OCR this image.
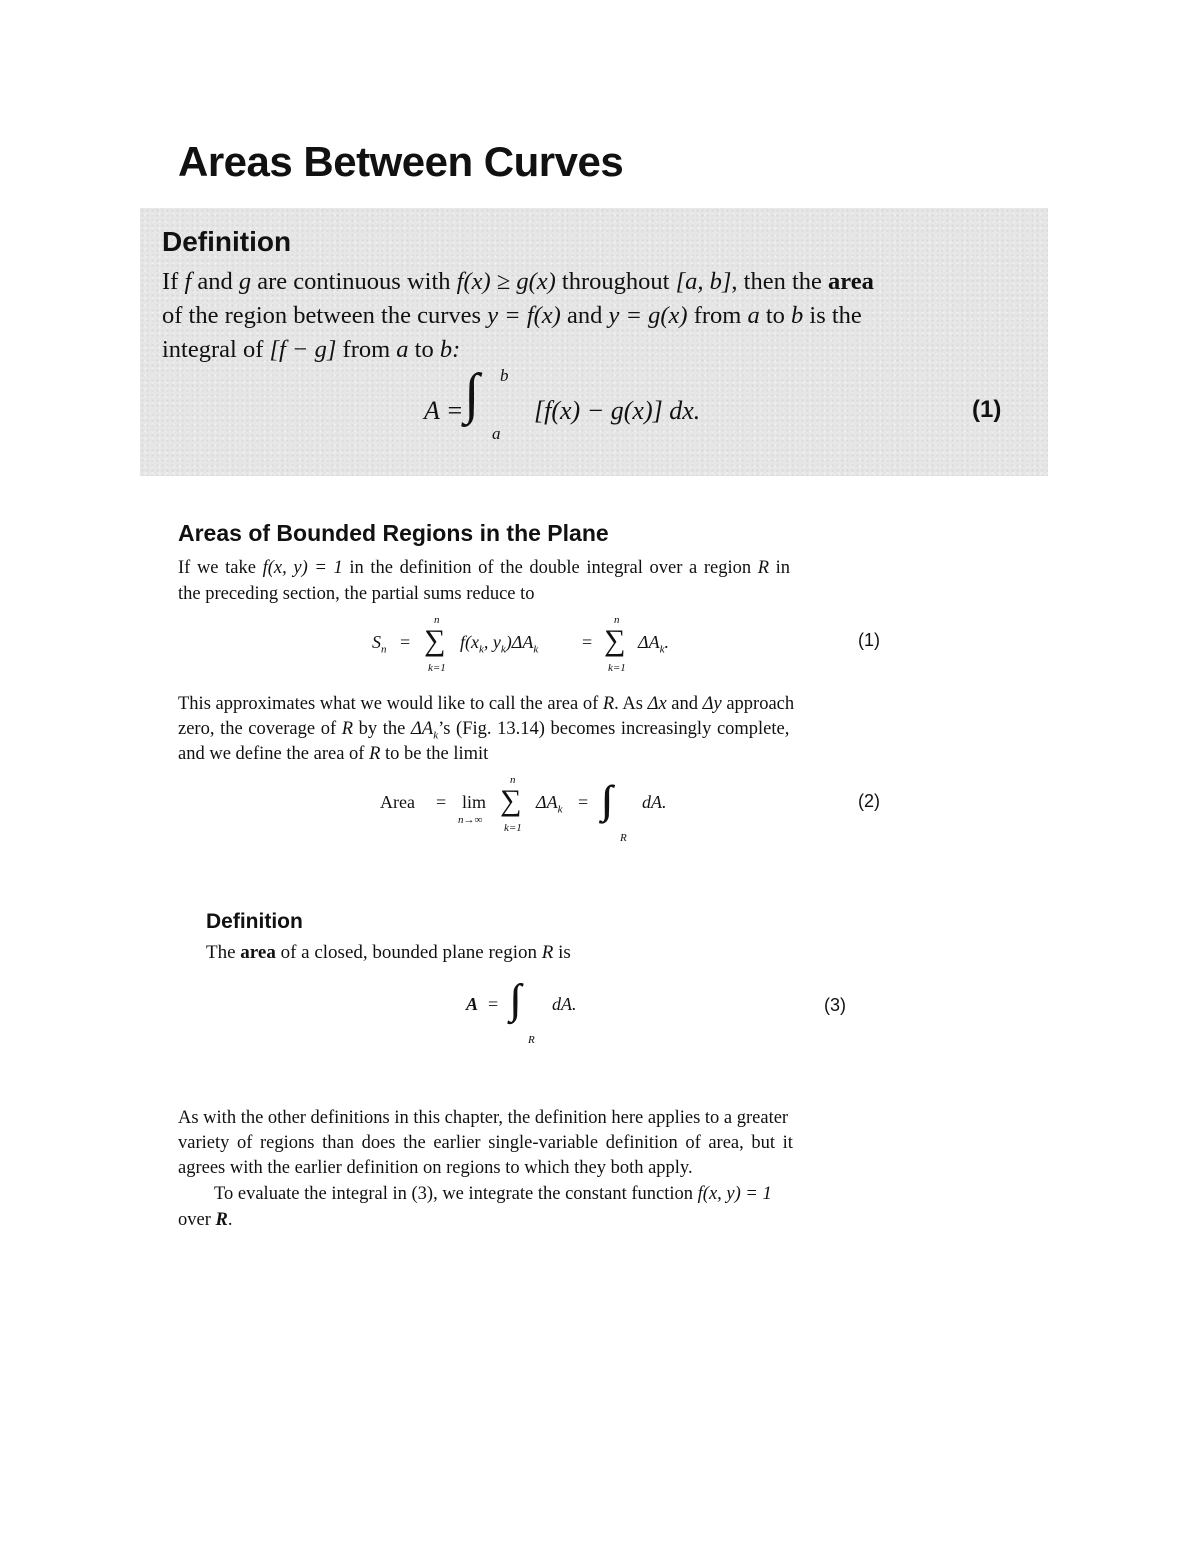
Areas Between Curves
Definition
If f and g are continuous with f(x) ≥ g(x) throughout [a, b], then the area
of the region between the curves y = f(x) and y = g(x) from a to b is the
integral of [f − g] from a to b:
A = ∫ b
a
[f(x) − g(x)] dx.	(1)
Areas of Bounded Regions in the Plane
If we take f(x, y) = 1 in the definition of the double integral over a region R in
the preceding section, the partial sums reduce to
$S_n$ = ∑
n
k=1
$f(x_k$, $y_k)\Delta A_k$ = ∑
n
k=1
$\Delta A_k$.	(1)
This approximates what we would like to call the area of R. As Δx and Δy approach
zero, the coverage of R by the $\Delta A_k’s$ (Fig. 13.14) becomes increasingly complete,
and we define the area of R to be the limit
Area = lim
n→∞
∑
n
k=1
$\Delta A_k$ =
R
dA.	(2)
Definition
The area of a closed, bounded plane region R is
A =
R
dA.	(3)
As with the other definitions in this chapter, the definition here applies to a greater
variety of regions than does the earlier single-variable definition of area, but it
agrees with the earlier definition on regions to which they both apply.
To evaluate the integral in (3), we integrate the constant function f(x, y) = 1
over R.
